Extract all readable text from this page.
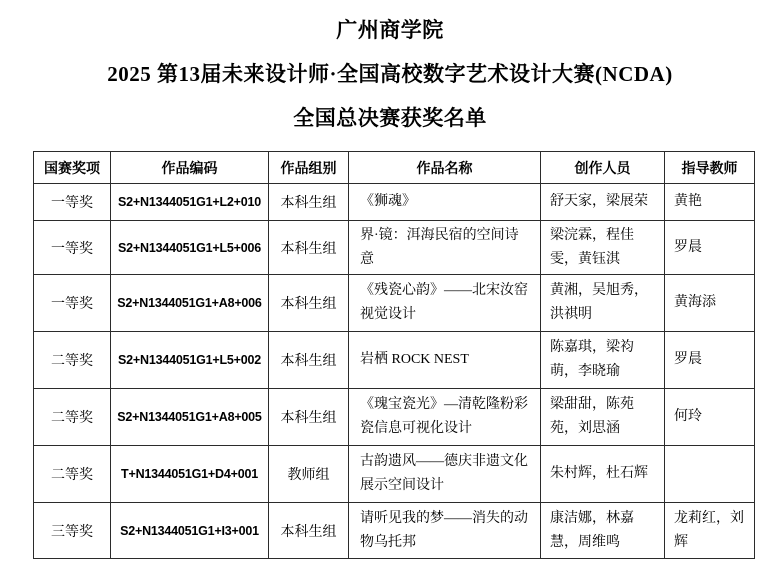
广州商学院
2025 第13届未来设计师·全国高校数字艺术设计大赛(NCDA)
全国总决赛获奖名单
国赛奖项	作品编码	作品组别	作品名称	创作人员	指导教师
一等奖	S2+N1344051G1+L2+010	本科生组	《狮魂》	舒天家，梁展荣	黄艳
一等奖	S2+N1344051G1+L5+006	本科生组	界·镜：洱海民宿的空间诗意	梁浣霖，程佳雯，黄钰淇	罗晨
一等奖	S2+N1344051G1+A8+006	本科生组	《残瓷心韵》——北宋汝窑视觉设计	黄湘，吴旭秀，洪祺明	黄海添
二等奖	S2+N1344051G1+L5+002	本科生组	岩栖 ROCK NEST	陈嘉琪，梁袀萌，李晓瑜	罗晨
二等奖	S2+N1344051G1+A8+005	本科生组	《瑰宝瓷光》—清乾隆粉彩瓷信息可视化设计	梁甜甜，陈苑苑，刘思涵	何玲
二等奖	T+N1344051G1+D4+001	教师组	古韵遗风——德庆非遗文化展示空间设计	朱村辉，杜石辉	
三等奖	S2+N1344051G1+I3+001	本科生组	请听见我的梦——消失的动物乌托邦	康洁娜，林嘉慧，周维鸣	龙莉红，刘辉
